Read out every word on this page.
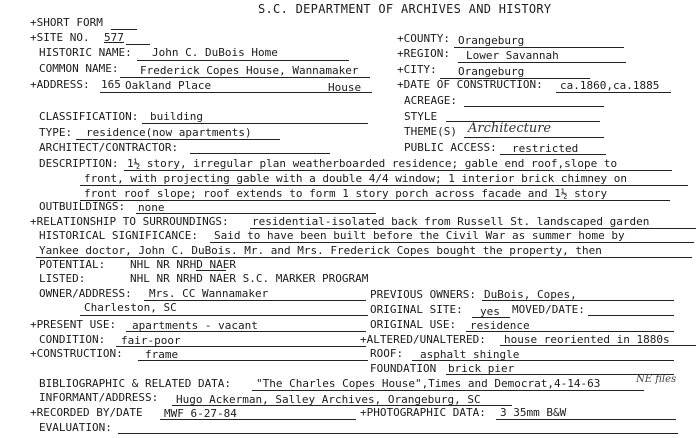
S.C. DEPARTMENT OF ARCHIVES AND HISTORY
+SHORT FORM
+SITE NO. 577	+COUNTY: Orangeburg
HISTORIC NAME: John C. DuBois Home	+REGION: Lower Savannah
COMMON NAME: Frederick Copes House, Wannamaker	+CITY: Orangeburg
+ADDRESS: 165 Oakland Place	House	+DATE OF CONSTRUCTION: ca.1860,ca.1885
ACREAGE:
CLASSIFICATION: building	STYLE
TYPE: residence(now apartments)	THEME(S) Architecture
ARCHITECT/CONTRACTOR:	PUBLIC ACCESS: restricted
DESCRIPTION: 1½ story, irregular plan weatherboarded residence; gable end roof,slope to
front, with projecting gable with a double 4/4 window; 1 interior brick chimney on
front roof slope; roof extends to form 1 story porch across facade and 1½ story
OUTBUILDINGS: none
+RELATIONSHIP TO SURROUNDINGS: residential-isolated back from Russell St. landscaped garden
HISTORICAL SIGNIFICANCE: Said to have been built before the Civil War as summer home by
Yankee doctor, John C. DuBois. Mr. and Mrs. Frederick Copes bought the property, then
POTENTIAL: NHL NR NRHD NAER
LISTED:	NHL NR NRHD NAER S.C. MARKER PROGRAM
OWNER/ADDRESS: Mrs. CC Wannamaker
Charleston, SC
PREVIOUS OWNERS: DuBois, Copes,
ORIGINAL SITE: yes MOVED/DATE:
+PRESENT USE: apartments - vacant	ORIGINAL USE: residence
CONDITION: fair-poor	+ALTERED/UNALTERED: house reoriented in 1880s
+CONSTRUCTION: frame	ROOF: asphalt shingle
FOUNDATION brick pier
BIBLIOGRAPHIC & RELATED DATA: "The Charles Copes House",Times and Democrat,4-14-63	NE files
INFORMANT/ADDRESS: Hugo Ackerman, Salley Archives, Orangeburg, SC
+RECORDED BY/DATE MWF 6-27-84	+PHOTOGRAPHIC DATA: 3 35mm B&W
EVALUATION:
